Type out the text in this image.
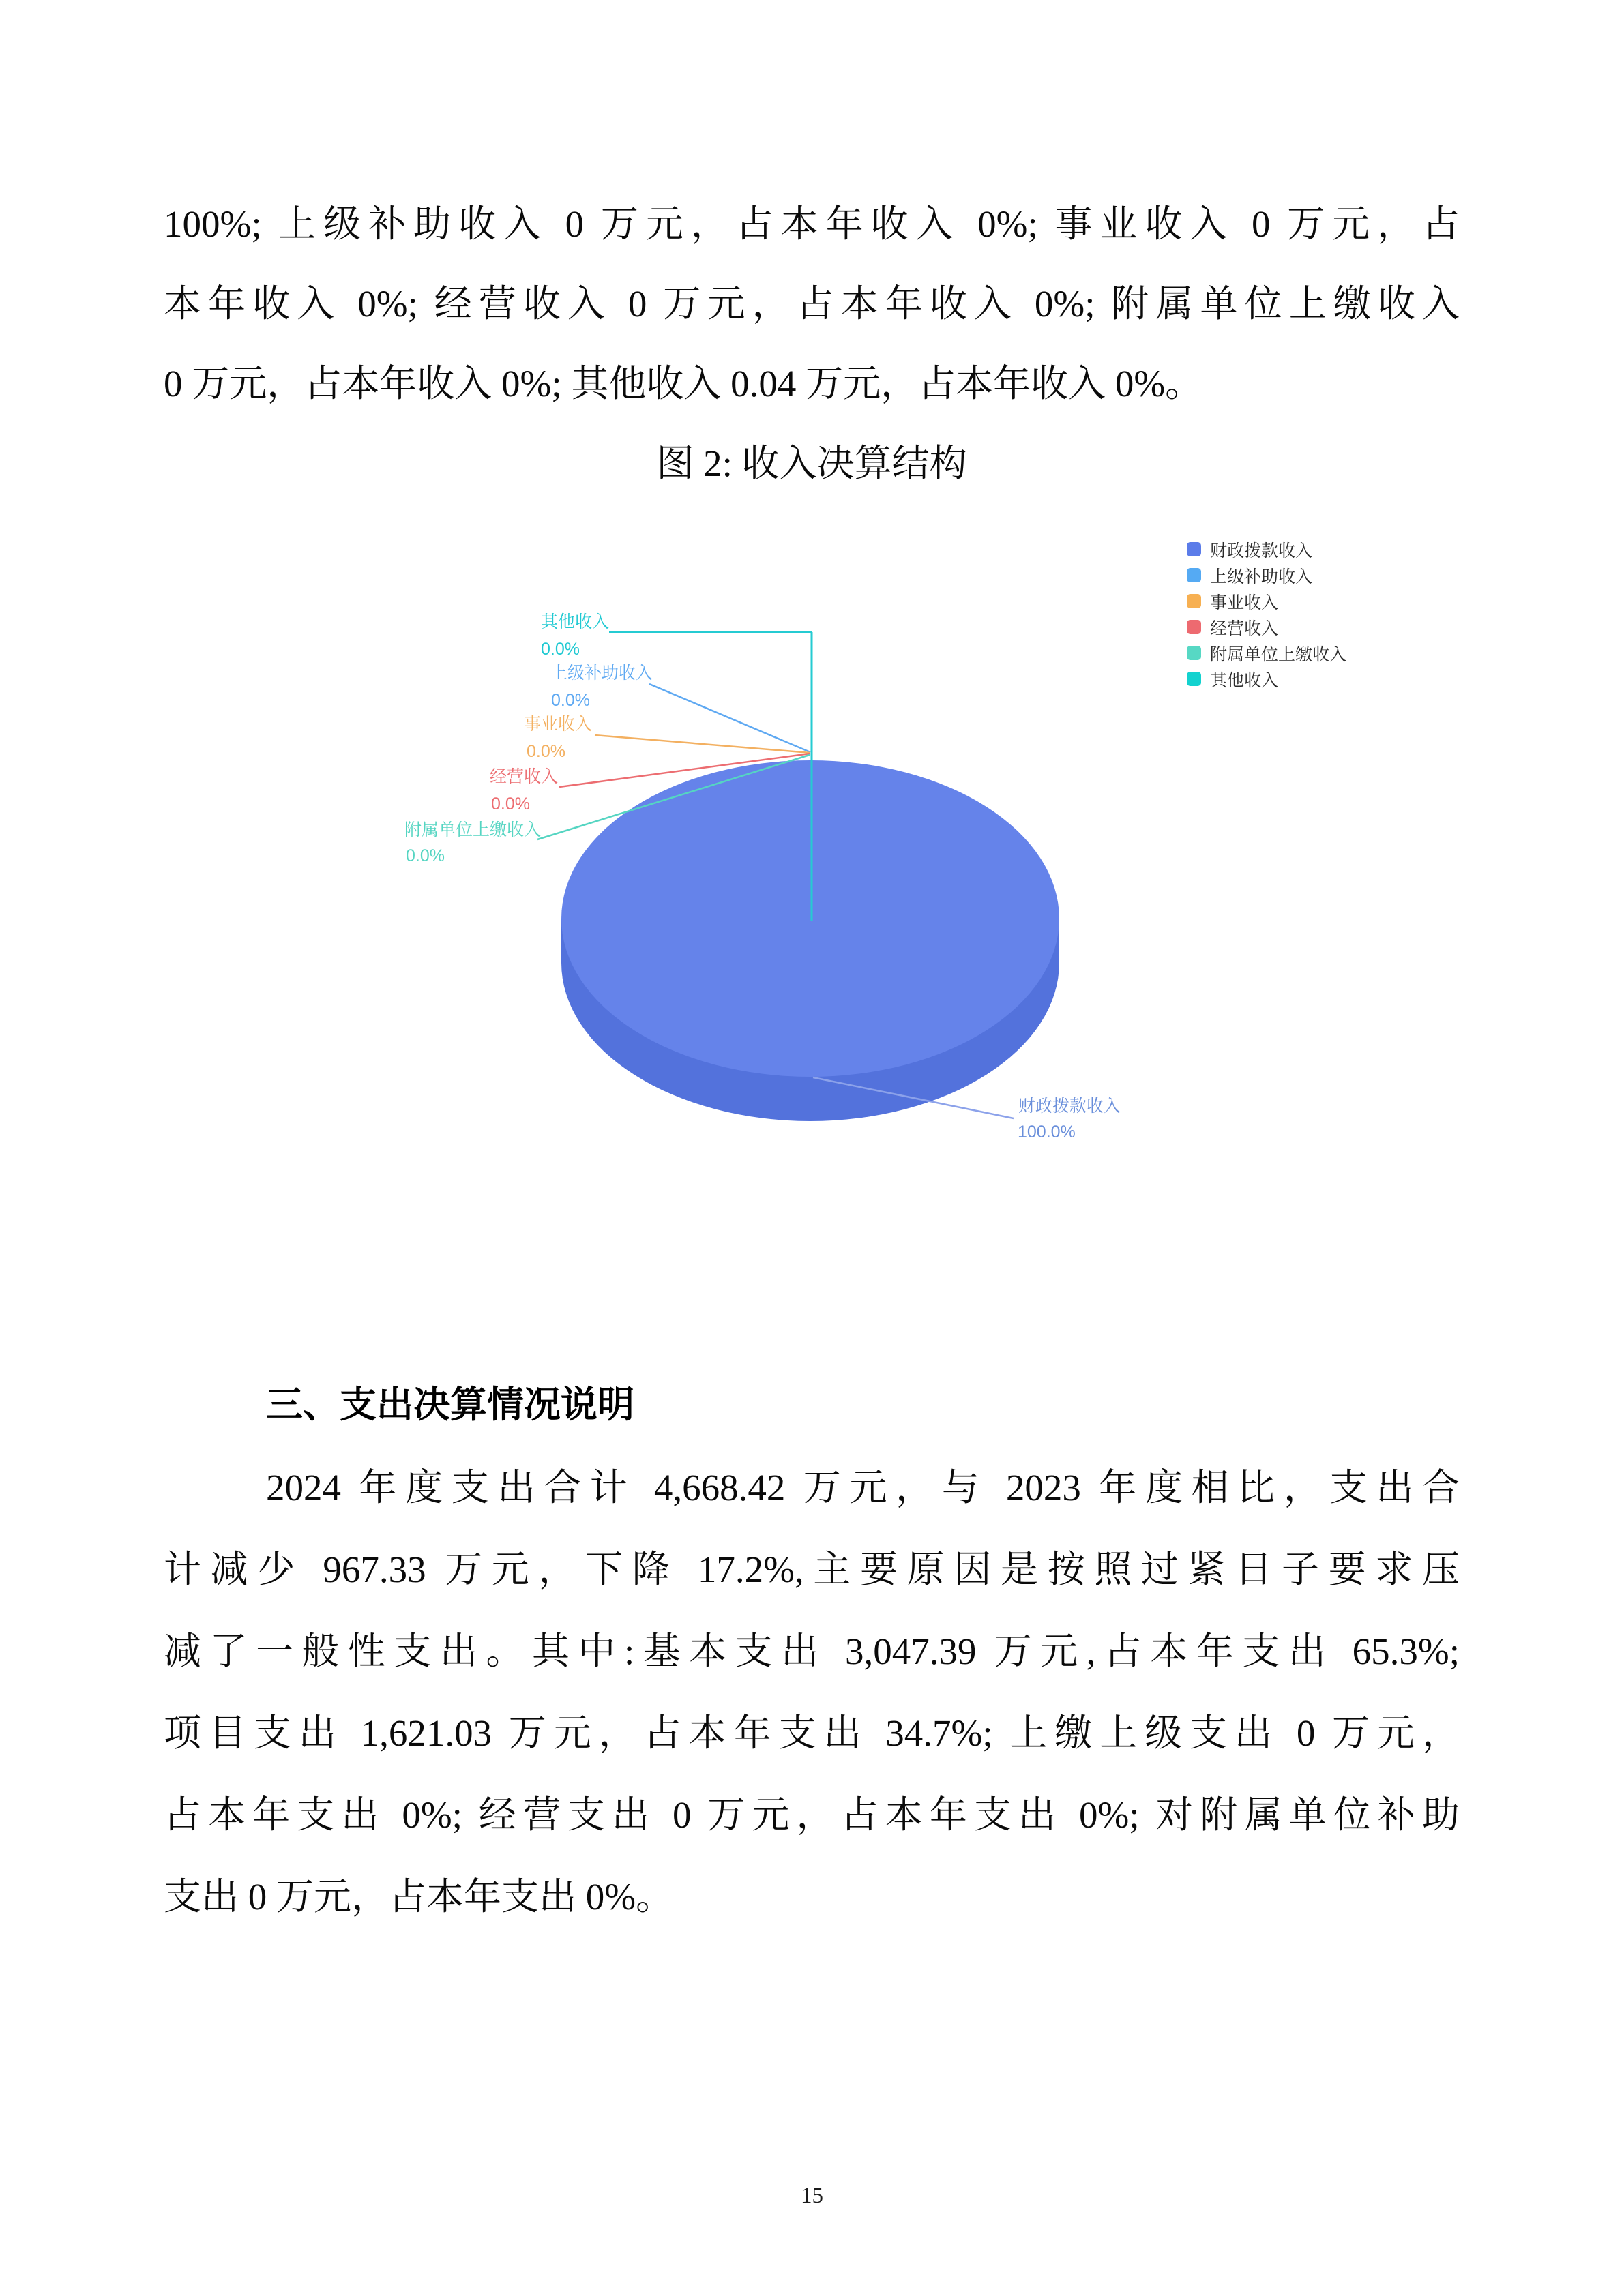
100%; 上级补助收入 0 万元，占本年收入 0%; 事业收入 0 万元，占
本年收入 0%; 经营收入 0 万元，占本年收入 0%; 附属单位上缴收入
0 万元，占本年收入 0%; 其他收入 0.04 万元，占本年收入 0%。
图 2: 收入决算结构
其他收入
0.0%
上级补助收入
0.0%
事业收入
0.0%
经营收入
0.0%
附属单位上缴收入
0.0%
财政拨款收入
100.0%
财政拨款收入
上级补助收入
事业收入
经营收入
附属单位上缴收入
其他收入
三、支出决算情况说明
2024 年度支出合计 4,668.42 万元，与 2023 年度相比，支出合
计减少 967.33 万元，下降 17.2%,主要原因是按照过紧日子要求压
减了一般性支出。其中:基本支出 3,047.39 万元,占本年支出 65.3%;
项目支出 1,621.03 万元，占本年支出 34.7%; 上缴上级支出 0 万元，
占本年支出 0%; 经营支出 0 万元，占本年支出 0%; 对附属单位补助
支出 0 万元，占本年支出 0%。
15
